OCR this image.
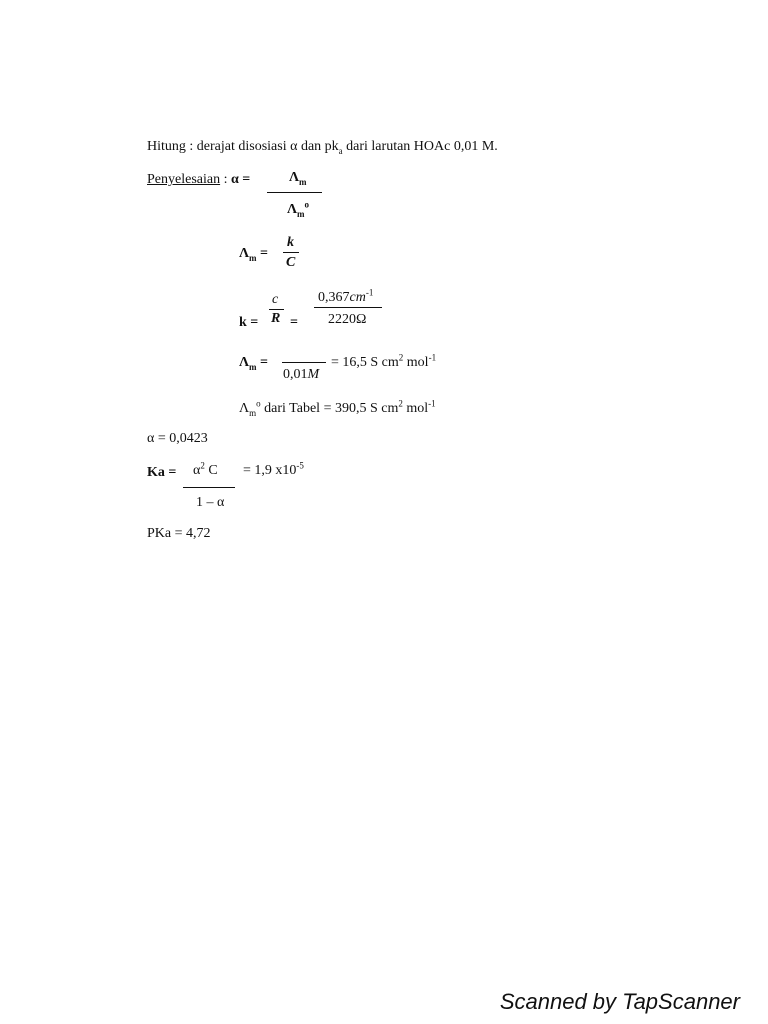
Hitung : derajat disosiasi α dan $pk_a$ dari larutan HOAc 0,01 M.
Penyelesaian : α =	$\Lambda_m$
$\Lambda_m^o$
$\Lambda_m$ =
k
C
k =
c
R =
$0,367cm^{-1}$
2220Ω
$\Lambda_m$ =
0,01M
= 16,5 S $cm^2$ mol$^{-1}$
$\Lambda_m^o$ dari Tabel = 390,5 S $cm^2$ mol$^{-1}$
α = 0,0423
$Ka = \alpha^2$ C = 1,9 $x10^{-5}$
1 – α
PKa = 4,72
Scanned by TapScanner
